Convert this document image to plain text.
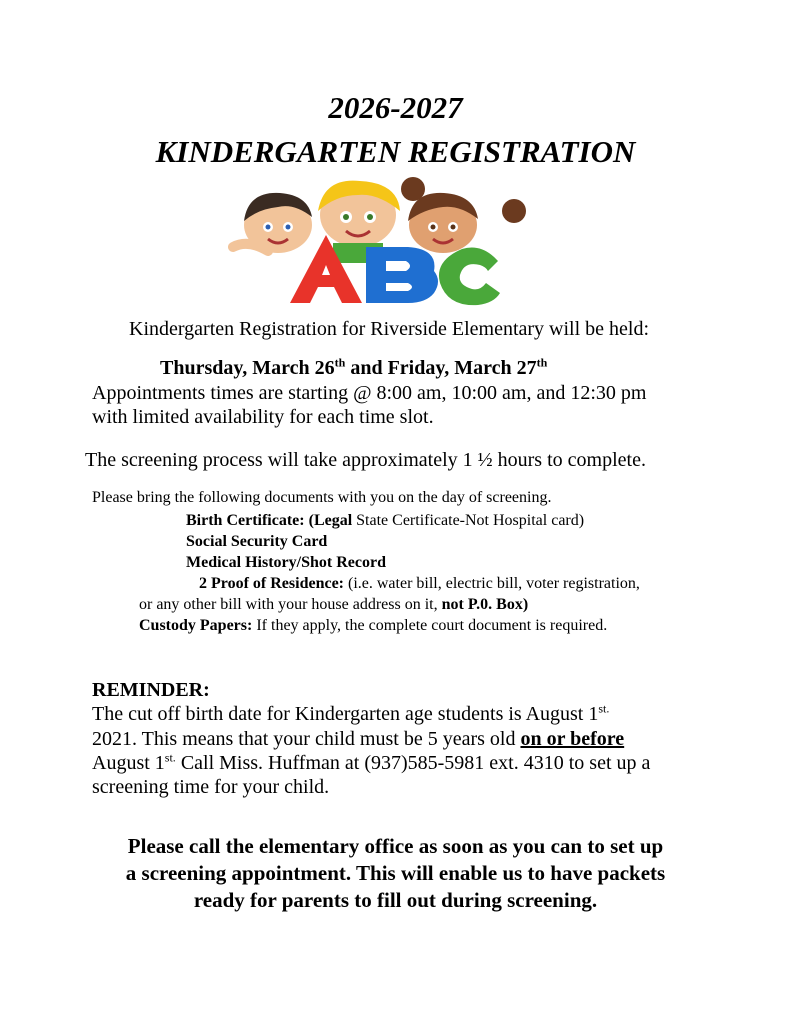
2026-2027
KINDERGARTEN REGISTRATION
Kindergarten Registration for Riverside Elementary will be held:
Thursday, March 26th and Friday, March 27th
Appointments times are starting @ 8:00 am, 10:00 am, and 12:30 pm
with limited availability for each time slot.
The screening process will take approximately 1 ½ hours to complete.
Please bring the following documents with you on the day of screening.
Birth Certificate: (Legal State Certificate-Not Hospital card)
Social Security Card
Medical History/Shot Record
2 Proof of Residence: (i.e. water bill, electric bill, voter registration,
or any other bill with your house address on it, not P.0. Box)
Custody Papers: If they apply, the complete court document is required.
REMINDER:
The cut off birth date for Kindergarten age students is August $1^{st.}$
2021. This means that your child must be 5 years old on or before
August $1^{st.}$ Call Miss. Huffman at (937)585-5981 ext. 4310 to set up a
screening time for your child.
Please call the elementary office as soon as you can to set up
a screening appointment. This will enable us to have packets
ready for parents to fill out during screening.
